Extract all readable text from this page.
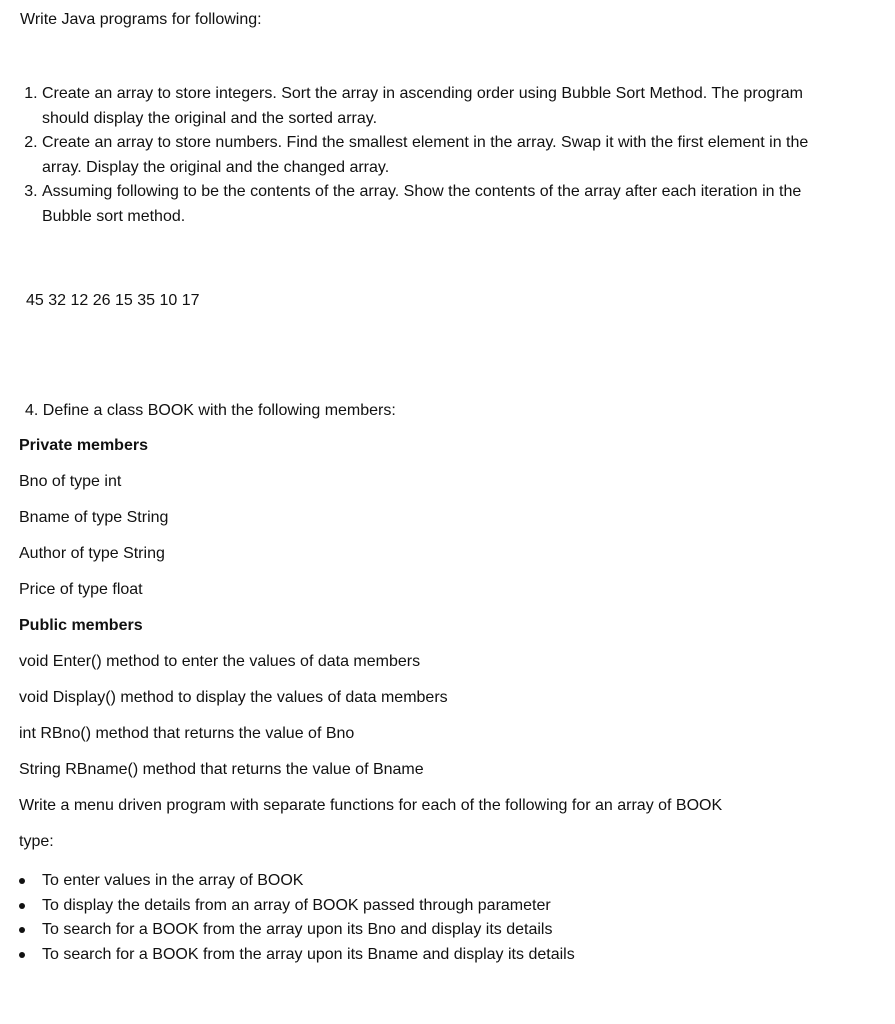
Write Java programs for following:
1. Create an array to store integers. Sort the array in ascending order using Bubble Sort Method. The program should display the original and the sorted array.
2. Create an array to store numbers. Find the smallest element in the array. Swap it with the first element in the array. Display the original and the changed array.
3. Assuming following to be the contents of the array. Show the contents of the array after each iteration in the Bubble sort method.
45 32 12 26 15 35 10 17
4. Define a class BOOK with the following members:
Private members
Bno of type int
Bname of type String
Author of type String
Price of type float
Public members
void Enter() method to enter the values of data members
void Display() method to display the values of data members
int RBno() method that returns the value of Bno
String RBname() method that returns the value of Bname
Write a menu driven program with separate functions for each of the following for an array of BOOK
type:
To enter values in the array of BOOK
To display the details from an array of BOOK passed through parameter
To search for a BOOK from the array upon its Bno and display its details
To search for a BOOK from the array upon its Bname and display its details
